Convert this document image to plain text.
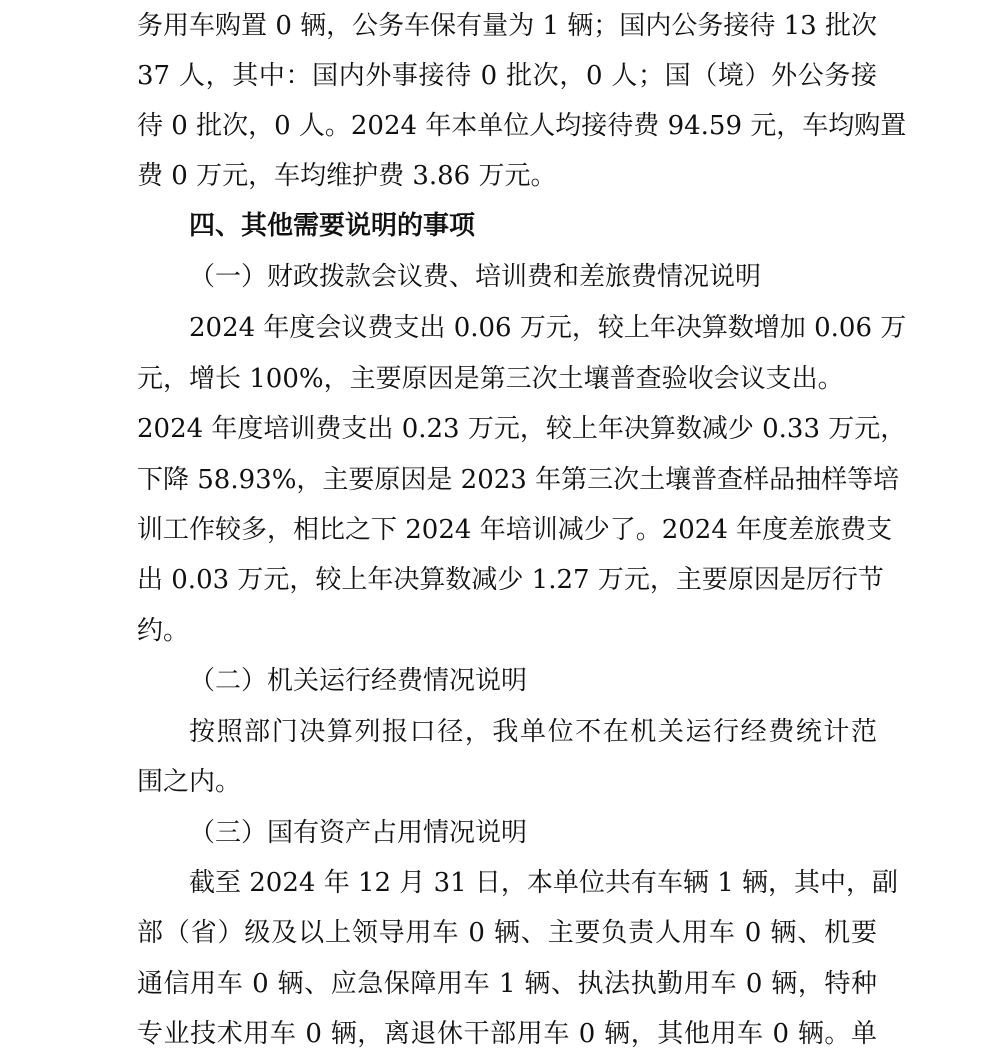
务用车购置 0 辆，公务车保有量为 1 辆；国内公务接待 13 批次
37 人，其中：国内外事接待 0 批次，0 人；国（境）外公务接
待 0 批次，0 人。2024 年本单位人均接待费 94.59 元，车均购置
费 0 万元，车均维护费 3.86 万元。
四、其他需要说明的事项
（一）财政拨款会议费、培训费和差旅费情况说明
2024 年度会议费支出 0.06 万元，较上年决算数增加 0.06 万
元，增长 100%，主要原因是第三次土壤普查验收会议支出。
2024 年度培训费支出 0.23 万元，较上年决算数减少 0.33 万元，
下降 58.93%，主要原因是 2023 年第三次土壤普查样品抽样等培
训工作较多，相比之下 2024 年培训减少了。2024 年度差旅费支
出 0.03 万元，较上年决算数减少 1.27 万元，主要原因是厉行节
约。
（二）机关运行经费情况说明
按照部门决算列报口径，我单位不在机关运行经费统计范
围之内。
（三）国有资产占用情况说明
截至 2024 年 12 月 31 日，本单位共有车辆 1 辆，其中，副
部（省）级及以上领导用车 0 辆、主要负责人用车 0 辆、机要
通信用车 0 辆、应急保障用车 1 辆、执法执勤用车 0 辆，特种
专业技术用车 0 辆，离退休干部用车 0 辆，其他用车 0 辆。单
